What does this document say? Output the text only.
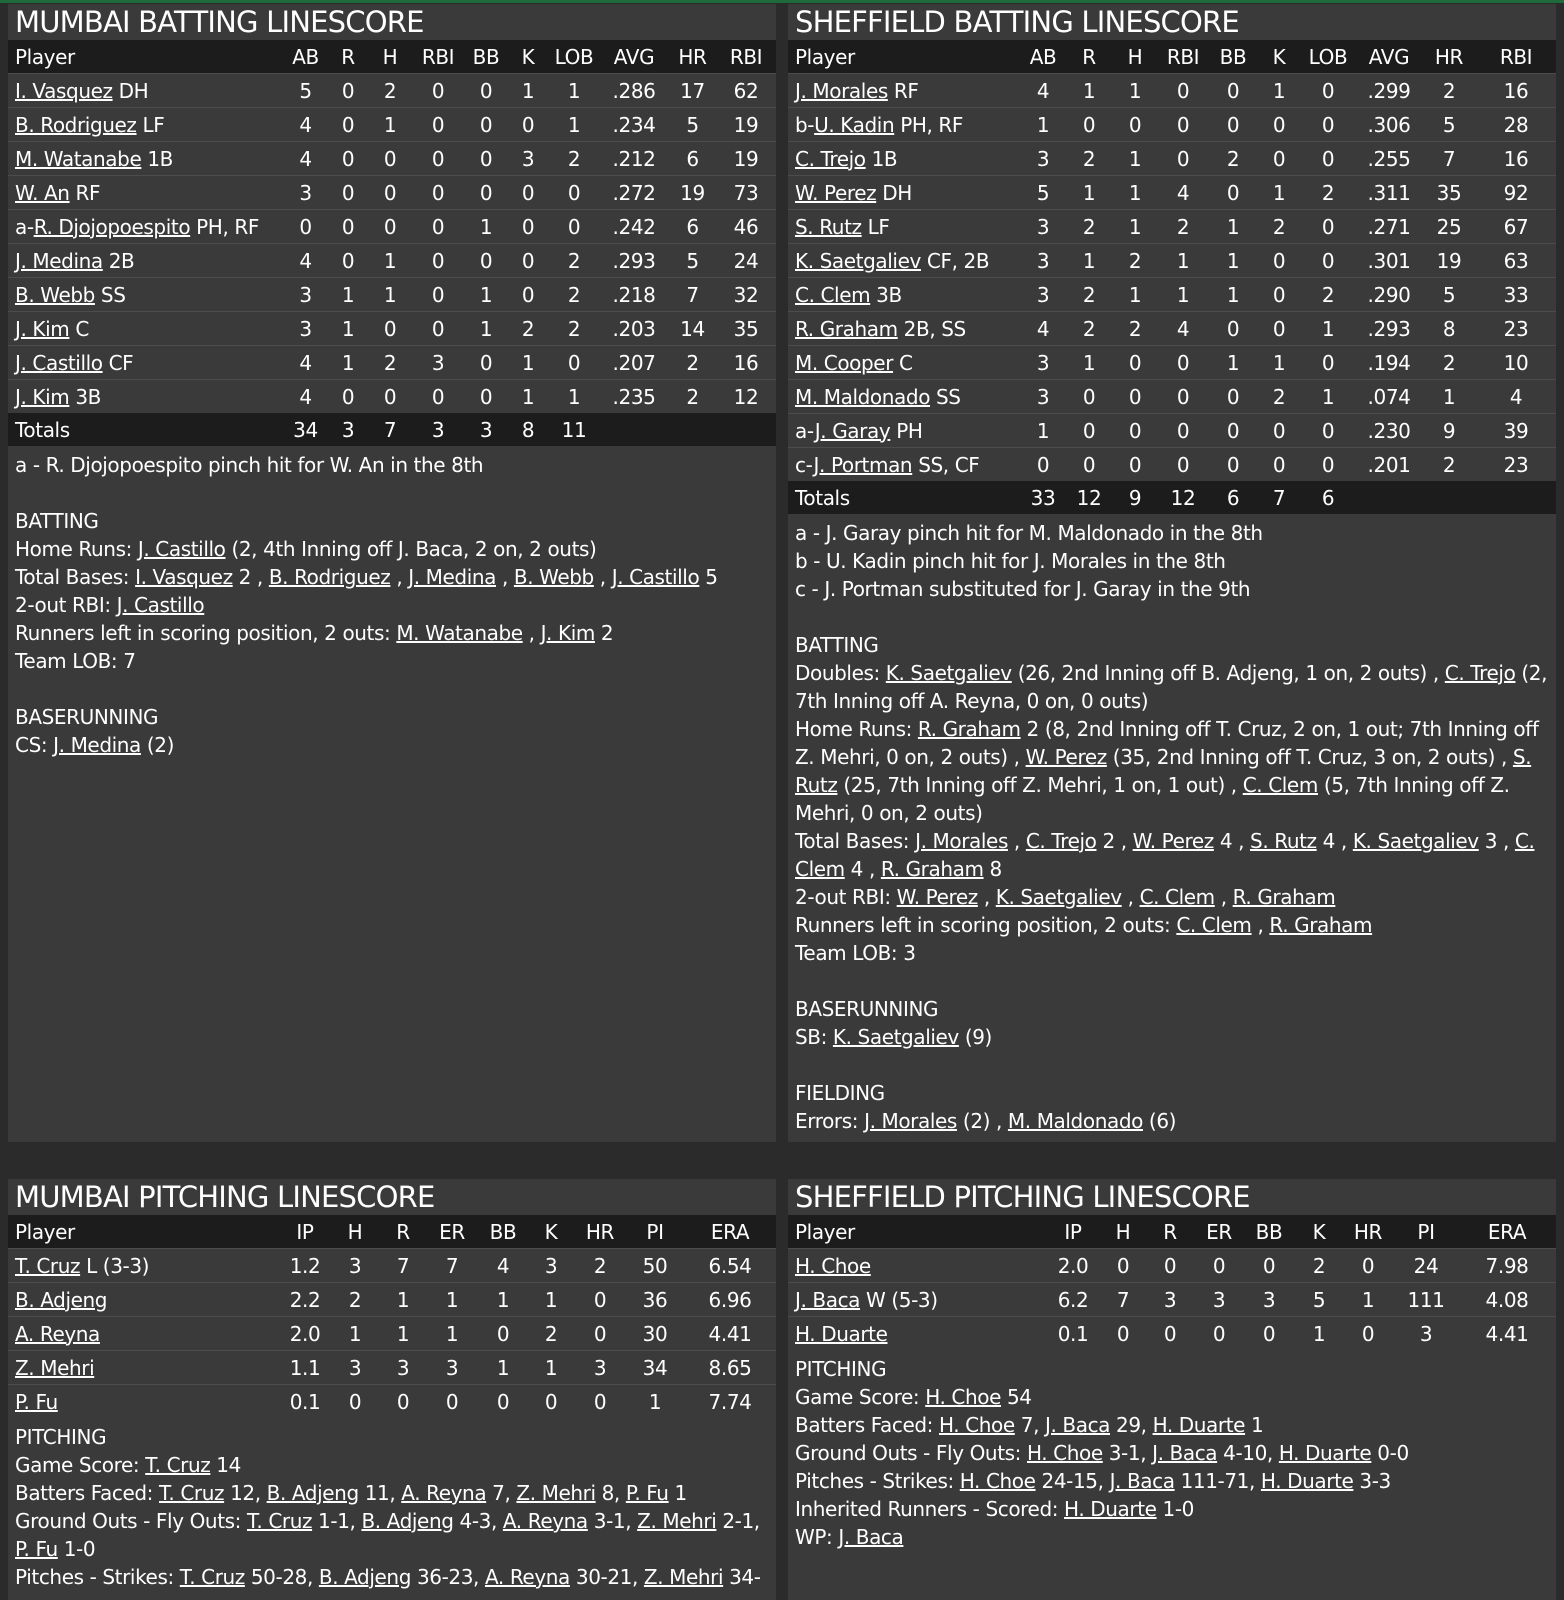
MUMBAI BATTING LINESCORE
Player	AB	R	H	RBI	BB	K	LOB	AVG	HR	RBI
I. Vasquez DH	5	0	2	0	0	1	1	.286	17	62
B. Rodriguez LF	4	0	1	0	0	0	1	.234	5	19
M. Watanabe 1B	4	0	0	0	0	3	2	.212	6	19
W. An RF	3	0	0	0	0	0	0	.272	19	73
a-R. Djojopoespito PH, RF	0	0	0	0	1	0	0	.242	6	46
J. Medina 2B	4	0	1	0	0	0	2	.293	5	24
B. Webb SS	3	1	1	0	1	0	2	.218	7	32
J. Kim C	3	1	0	0	1	2	2	.203	14	35
J. Castillo CF	4	1	2	3	0	1	0	.207	2	16
J. Kim 3B	4	0	0	0	0	1	1	.235	2	12
Totals	34	3	7	3	3	8	11			

a - R. Djojopoespito pinch hit for W. An in the 8th

BATTING

Home Runs: J. Castillo (2, 4th Inning off J. Baca, 2 on, 2 outs)

Total Bases: I. Vasquez 2 , B. Rodriguez , J. Medina , B. Webb , J. Castillo 5

2-out RBI: J. Castillo

Runners left in scoring position, 2 outs: M. Watanabe , J. Kim 2

Team LOB: 7

BASERUNNING

CS: J. Medina (2)

SHEFFIELD BATTING LINESCORE
Player	AB	R	H	RBI	BB	K	LOB	AVG	HR	RBI
J. Morales RF	4	1	1	0	0	1	0	.299	2	16
b-U. Kadin PH, RF	1	0	0	0	0	0	0	.306	5	28
C. Trejo 1B	3	2	1	0	2	0	0	.255	7	16
W. Perez DH	5	1	1	4	0	1	2	.311	35	92
S. Rutz LF	3	2	1	2	1	2	0	.271	25	67
K. Saetgaliev CF, 2B	3	1	2	1	1	0	0	.301	19	63
C. Clem 3B	3	2	1	1	1	0	2	.290	5	33
R. Graham 2B, SS	4	2	2	4	0	0	1	.293	8	23
M. Cooper C	3	1	0	0	1	1	0	.194	2	10
M. Maldonado SS	3	0	0	0	0	2	1	.074	1	4
a-J. Garay PH	1	0	0	0	0	0	0	.230	9	39
c-J. Portman SS, CF	0	0	0	0	0	0	0	.201	2	23
Totals	33	12	9	12	6	7	6			

a - J. Garay pinch hit for M. Maldonado in the 8th

b - U. Kadin pinch hit for J. Morales in the 8th

c - J. Portman substituted for J. Garay in the 9th

BATTING

Doubles: K. Saetgaliev (26, 2nd Inning off B. Adjeng, 1 on, 2 outs) , C. Trejo (2, 7th Inning off A. Reyna, 0 on, 0 outs)

Home Runs: R. Graham 2 (8, 2nd Inning off T. Cruz, 2 on, 1 out; 7th Inning off Z. Mehri, 0 on, 2 outs) , W. Perez (35, 2nd Inning off T. Cruz, 3 on, 2 outs) , S. Rutz (25, 7th Inning off Z. Mehri, 1 on, 1 out) , C. Clem (5, 7th Inning off Z. Mehri, 0 on, 2 outs)

Total Bases: J. Morales , C. Trejo 2 , W. Perez 4 , S. Rutz 4 , K. Saetgaliev 3 , C. Clem 4 , R. Graham 8

2-out RBI: W. Perez , K. Saetgaliev , C. Clem , R. Graham

Runners left in scoring position, 2 outs: C. Clem , R. Graham

Team LOB: 3

BASERUNNING

SB: K. Saetgaliev (9)

FIELDING

Errors: J. Morales (2) , M. Maldonado (6)

MUMBAI PITCHING LINESCORE
Player	IP	H	R	ER	BB	K	HR	PI	ERA
T. Cruz L (3-3)	1.2	3	7	7	4	3	2	50	6.54
B. Adjeng	2.2	2	1	1	1	1	0	36	6.96
A. Reyna	2.0	1	1	1	0	2	0	30	4.41
Z. Mehri	1.1	3	3	3	1	1	3	34	8.65
P. Fu	0.1	0	0	0	0	0	0	1	7.74

PITCHING

Game Score: T. Cruz 14

Batters Faced: T. Cruz 12, B. Adjeng 11, A. Reyna 7, Z. Mehri 8, P. Fu 1

Ground Outs - Fly Outs: T. Cruz 1-1, B. Adjeng 4-3, A. Reyna 3-1, Z. Mehri 2-1, P. Fu 1-0

Pitches - Strikes: T. Cruz 50-28, B. Adjeng 36-23, A. Reyna 30-21, Z. Mehri 34-

SHEFFIELD PITCHING LINESCORE
Player	IP	H	R	ER	BB	K	HR	PI	ERA
H. Choe	2.0	0	0	0	0	2	0	24	7.98
J. Baca W (5-3)	6.2	7	3	3	3	5	1	111	4.08
H. Duarte	0.1	0	0	0	0	1	0	3	4.41

PITCHING

Game Score: H. Choe 54

Batters Faced: H. Choe 7, J. Baca 29, H. Duarte 1

Ground Outs - Fly Outs: H. Choe 3-1, J. Baca 4-10, H. Duarte 0-0

Pitches - Strikes: H. Choe 24-15, J. Baca 111-71, H. Duarte 3-3

Inherited Runners - Scored: H. Duarte 1-0

WP: J. Baca
